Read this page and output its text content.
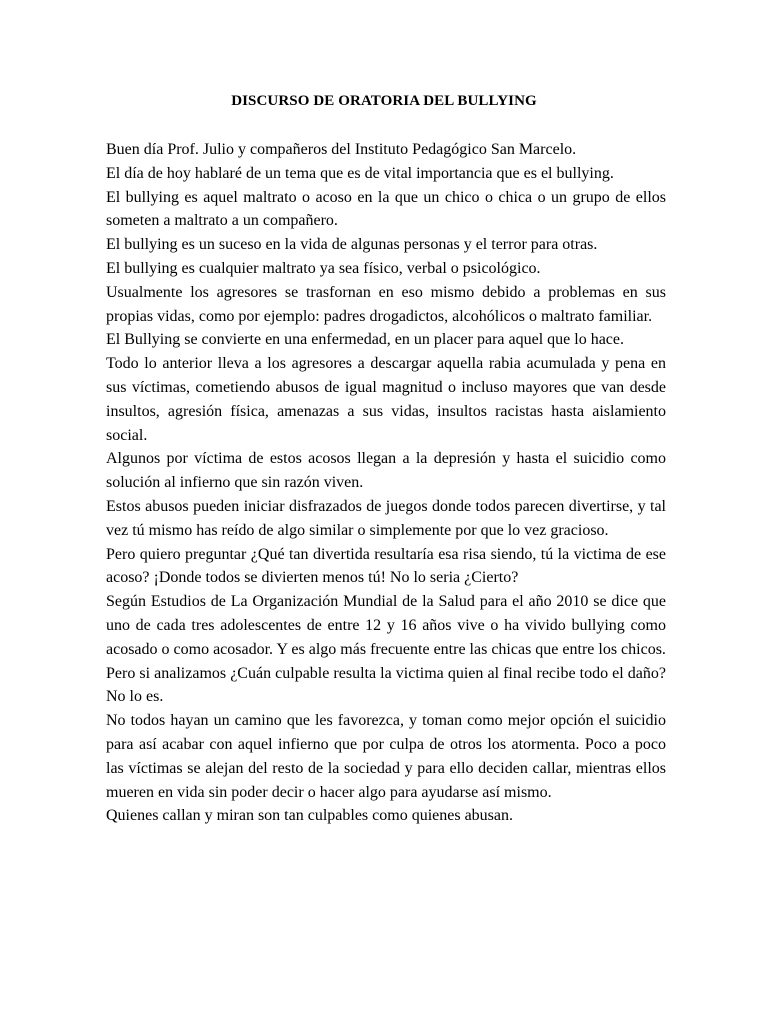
DISCURSO DE ORATORIA DEL BULLYING

Buen día Prof. Julio y compañeros del Instituto Pedagógico San Marcelo.

El día de hoy hablaré de un tema que es de vital importancia que es el bullying.

El bullying es aquel maltrato o acoso en la que un chico o chica o un grupo de ellos someten a maltrato a un compañero.

El bullying es un suceso en la vida de algunas personas y el terror para otras.

El bullying es cualquier maltrato ya sea físico, verbal o psicológico.

Usualmente los agresores se trasfornan en eso mismo debido a problemas en sus propias vidas, como por ejemplo: padres drogadictos, alcohólicos o maltrato familiar.

El Bullying se convierte en una enfermedad, en un placer para aquel que lo hace.

Todo lo anterior lleva a los agresores a descargar aquella rabia acumulada y pena en sus víctimas, cometiendo abusos de igual magnitud o incluso mayores que van desde insultos, agresión física, amenazas a sus vidas, insultos racistas hasta aislamiento social.

Algunos por víctima de estos acosos llegan a la depresión y hasta el suicidio como solución al infierno que sin razón viven.

Estos abusos pueden iniciar disfrazados de juegos donde todos parecen divertirse, y tal vez tú mismo has reído de algo similar o simplemente por que lo vez gracioso.

Pero quiero preguntar ¿Qué tan divertida resultaría esa risa siendo, tú la victima de ese acoso? ¡Donde todos se divierten menos tú! No lo seria ¿Cierto?

Según Estudios de La Organización Mundial de la Salud para el año 2010 se dice que uno de cada tres adolescentes de entre 12 y 16 años vive o ha vivido bullying como acosado o como acosador. Y es algo más frecuente entre las chicas que entre los chicos.

Pero si analizamos ¿Cuán culpable resulta la victima quien al final recibe todo el daño? No lo es.

No todos hayan un camino que les favorezca, y toman como mejor opción el suicidio para así acabar con aquel infierno que por culpa de otros los atormenta. Poco a poco las víctimas se alejan del resto de la sociedad y para ello deciden callar, mientras ellos mueren en vida sin poder decir o hacer algo para ayudarse así mismo.

Quienes callan y miran son tan culpables como quienes abusan.
